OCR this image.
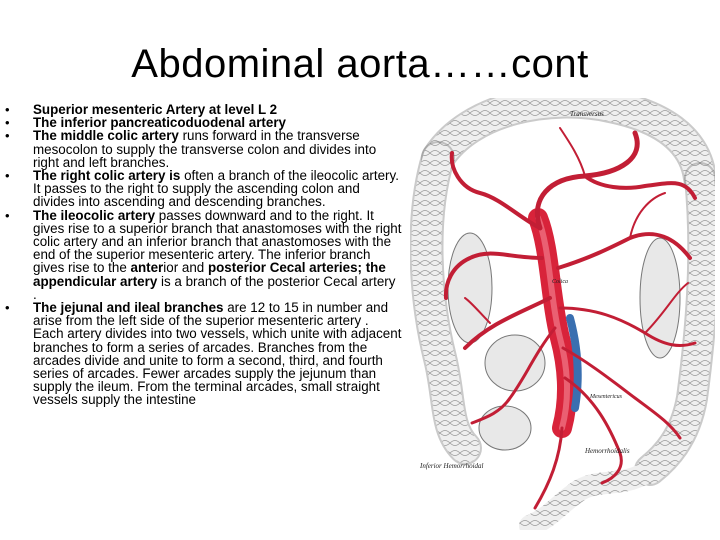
Abdominal aorta……cont
• Superior mesenteric Artery at level L 2
• The inferior pancreaticoduodenal artery
• The middle colic artery runs forward in the transverse mesocolon to supply the transverse colon and divides into right and left branches.
• The right colic artery is often a branch of the ileocolic artery. It passes to the right to supply the ascending colon and divides into ascending and descending branches.
• The ileocolic artery passes downward and to the right. It gives rise to a superior branch that anastomoses with the right colic artery and an inferior branch that anastomoses with the end of the superior mesenteric artery. The inferior branch gives rise to the anterior and posterior Cecal arteries; the appendicular artery is a branch of the posterior Cecal artery .
• The jejunal and ileal branches are 12 to 15 in number and arise from the left side of the superior mesenteric artery . Each artery divides into two vessels, which unite with adjacent branches to form a series of arcades. Branches from the arcades divide and unite to form a second, third, and fourth series of arcades. Fewer arcades supply the jejunum than supply the ileum. From the terminal arcades, small straight vessels supply the intestine
Transversus
Colica
Mesentericus
Hemorrhoidalis
Inferior Hemorrhoidal
